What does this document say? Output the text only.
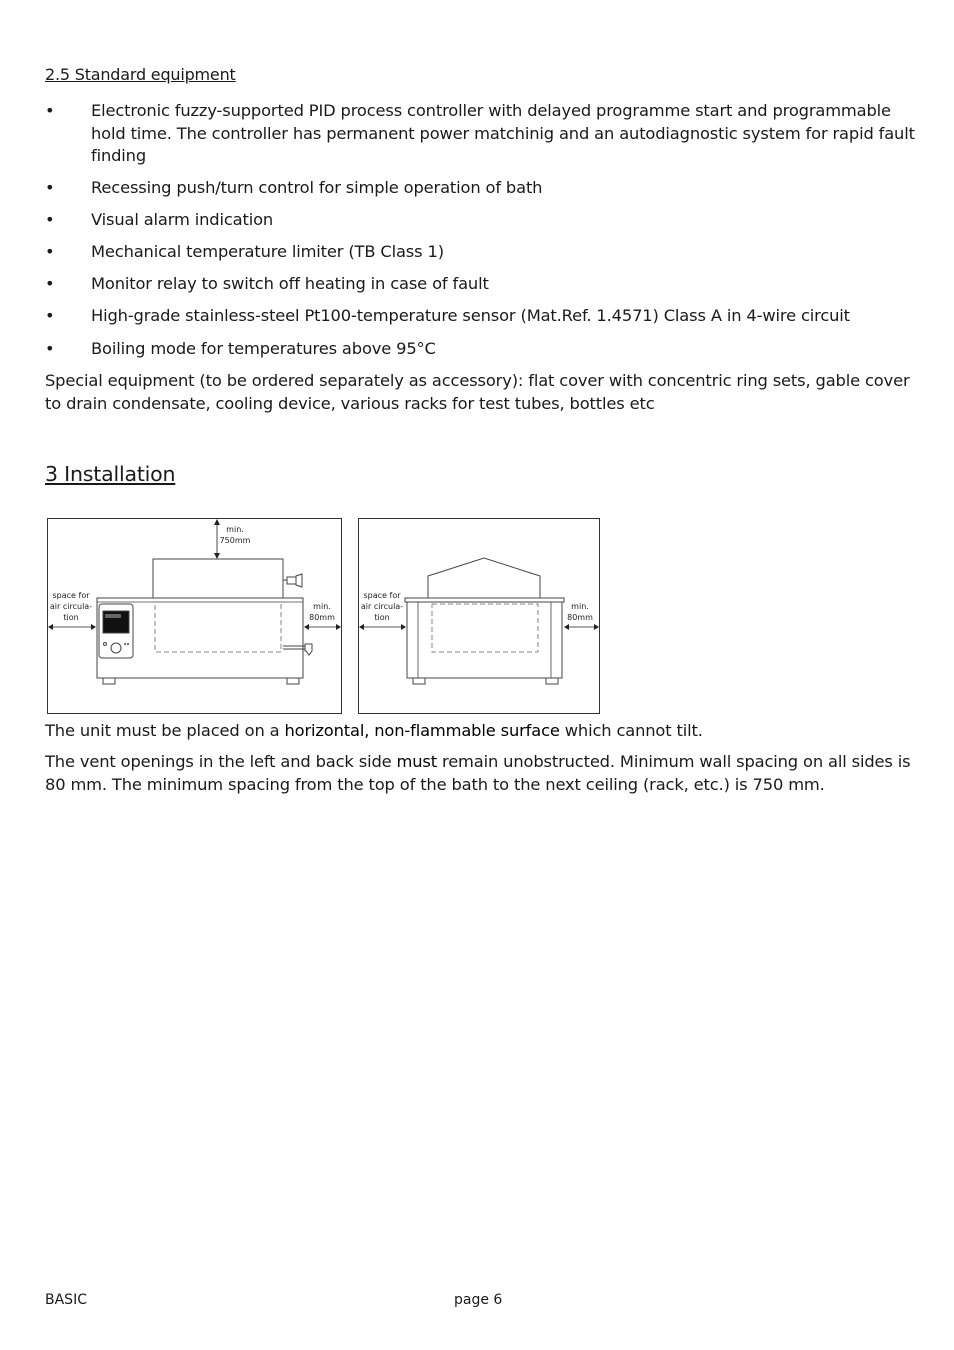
2.5 Standard equipment
• Electronic fuzzy-supported PID process controller with delayed programme start and programmable hold time. The controller has permanent power matchinig and an autodiagnostic system for rapid fault finding
• Recessing push/turn control for simple operation of bath
• Visual alarm indication
• Mechanical temperature limiter (TB Class 1)
• Monitor relay to switch off heating in case of fault
• High-grade stainless-steel Pt100-temperature sensor (Mat.Ref. 1.4571) Class A in 4-wire circuit
• Boiling mode for temperatures above 95°C

Special equipment (to be ordered separately as accessory): flat cover with concentric ring sets, gable cover to drain condensate, cooling device, various racks for test tubes, bottles etc

3 Installation
min.
750mm
space for
air circula-
tion
min.
80mm
space for
air circula-
tion
min.
80mm

The unit must be placed on a horizontal, non-flammable surface which cannot tilt.

The vent openings in the left and back side must remain unobstructed. Minimum wall spacing on all sides is 80 mm. The minimum spacing from the top of the bath to the next ceiling (rack, etc.) is 750 mm.

BASIC	page 6
